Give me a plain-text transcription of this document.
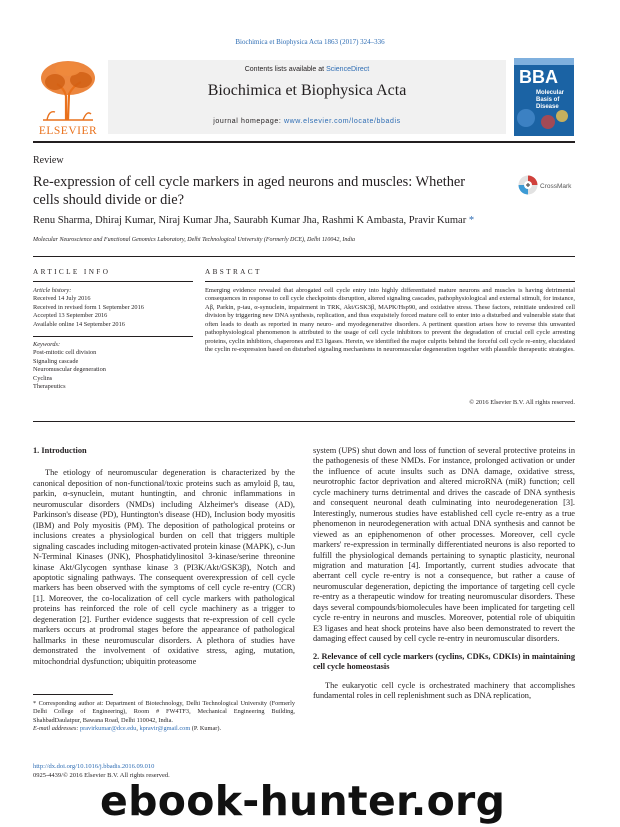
Biochimica et Biophysica Acta 1863 (2017) 324–336
ELSEVIER
Contents lists available at ScienceDirect
Biochimica et Biophysica Acta
journal homepage: www.elsevier.com/locate/bbadis
BBA
Molecular
Basis of
Disease
Review
Re-expression of cell cycle markers in aged neurons and muscles: Whether cells should divide or die?
CrossMark
Renu Sharma, Dhiraj Kumar, Niraj Kumar Jha, Saurabh Kumar Jha, Rashmi K Ambasta, Pravir Kumar *
Molecular Neuroscience and Functional Genomics Laboratory, Delhi Technological University (Formerly DCE), Delhi 110042, India
ARTICLE INFO	ABSTRACT
Article history:
Received 14 July 2016
Received in revised form 1 September 2016
Accepted 13 September 2016
Available online 14 September 2016
Keywords:
Post-mitotic cell division
Signaling cascade
Neuromuscular degeneration
Cyclins
Therapeutics
Emerging evidence revealed that abrogated cell cycle entry into highly differentiated mature neurons and muscles is having detrimental consequences in response to cell cycle checkpoints disruption, altered signaling cascades, pathophysiological and external stimuli, for instance, Aβ, Parkin, p-tau, α-synuclein, impairment in TRK, Akt/GSK3β, MAPK/Hsp90, and oxidative stress. These factors, reinitiate undesired cell division by triggering new DNA synthesis, replication, and thus exquisitely forced mature cell to enter into a disturbed and vulnerable state that often leads to death as reported in many neuro- and myodegenerative disorders. A pertinent question arises how to reverse this unwanted pathophysiological phenomenon is attributed to the usage of cell cycle inhibitors to prevent the degradation of crucial cell cycle arresting proteins, cyclin inhibitors, chaperones and E3 ligases. Herein, we identified the major culprits behind the forceful cell cycle re-entry, elucidated the cyclin re-expression based on disturbed signaling mechanisms in neuromuscular degeneration together with plausible therapeutic strategies.
© 2016 Elsevier B.V. All rights reserved.
1. Introduction

The etiology of neuromuscular degeneration is characterized by the canonical deposition of non-functional/toxic proteins such as amyloid β, tau, parkin, α-synuclein, mutant huntingtin, and chronic inflammations in neuromuscular disorders (NMDs) including Alzheimer's disease (AD), Parkinson's disease (PD), Huntington's disease (HD), Inclusion body myositis (IBM) and Poly myositis (PM). The deposition of pathological proteins or inclusions creates a physiological burden on cell that triggers multiple signaling cascades including mitogen-activated protein kinase (MAPK), c-Jun N-Terminal Kinases (JNK), Phosphatidylinositol 3-kinase/serine threonine kinase Akt/Glycogen synthase kinase 3 (PI3K/Akt/GSK3β), Notch and apoptotic signaling pathways. The consequent overexpression of cell cycle markers has been observed with the symptoms of cell cycle re-entry (CCR) [1]. Moreover, the co-localization of cell cycle markers with pathological proteins has reinforced the role of cell cycle machinery as a trigger to degeneration [2]. Further evidence suggests that re-expression of cell cycle markers occurs at prodromal stages before the appearance of pathological hallmarks in these neuromuscular disorders. A plethora of studies have demonstrated the involvement of oxidative stress, aging, mutation, mitochondrial dysfunction; ubiquitin proteasome

system (UPS) shut down and loss of function of several protective proteins in the pathogenesis of these NMDs. For instance, prolonged activation or under the influence of acute insults such as DNA damage, oxidative stress, neurotrophic factor deprivation and altered microRNA (miR) function; cell cycle machinery turns detrimental and drives the cascade of DNA synthesis and consequent neuronal death culminating into neurodegeneration [3]. Interestingly, numerous studies have established cell cycle re-entry as a true phenomenon in neurodegeneration with actual DNA synthesis and cannot be viewed as an epiphenomenon of other processes. Moreover, cell cycle markers' re-expression in terminally differentiated neurons is also reported to fulfill the physiological demands pertaining to synaptic plasticity, neuronal migration and maturation [4]. Importantly, current studies advocate that aberrant cell cycle re-entry is not a consequence, but rather a cause of neuromuscular degeneration, depicting the importance of targeting cell cycle re-entry as a therapeutic window for treating neuromuscular disorders. These days several compounds/biomolecules have been implicated for targeting cell cycle re-entry in neurons and muscles. Moreover, potential role of ubiquitin E3 ligases and heat shock proteins have also been demonstrated to revert the damaging effect caused by cell cycle re-entry in neuromuscular disorders.

2. Relevance of cell cycle markers (cyclins, CDKs, CDKIs) in maintaining cell cycle homeostasis

The eukaryotic cell cycle is orchestrated machinery that accomplishes fundamental roles in cell replenishment such as DNA replication,

* Corresponding author at: Department of Biotechnology, Delhi Technological University (Formerly Delhi College of Engineering), Room # FW4TF3, Mechanical Engineering Building, ShahbadDaulatpur, Bawana Road, Delhi 110042, India.
E-mail addresses: pravirkumar@dce.edu, kpravir@gmail.com (P. Kumar).
http://dx.doi.org/10.1016/j.bbadis.2016.09.010
0925-4439/© 2016 Elsevier B.V. All rights reserved.
ebook-hunter.org
